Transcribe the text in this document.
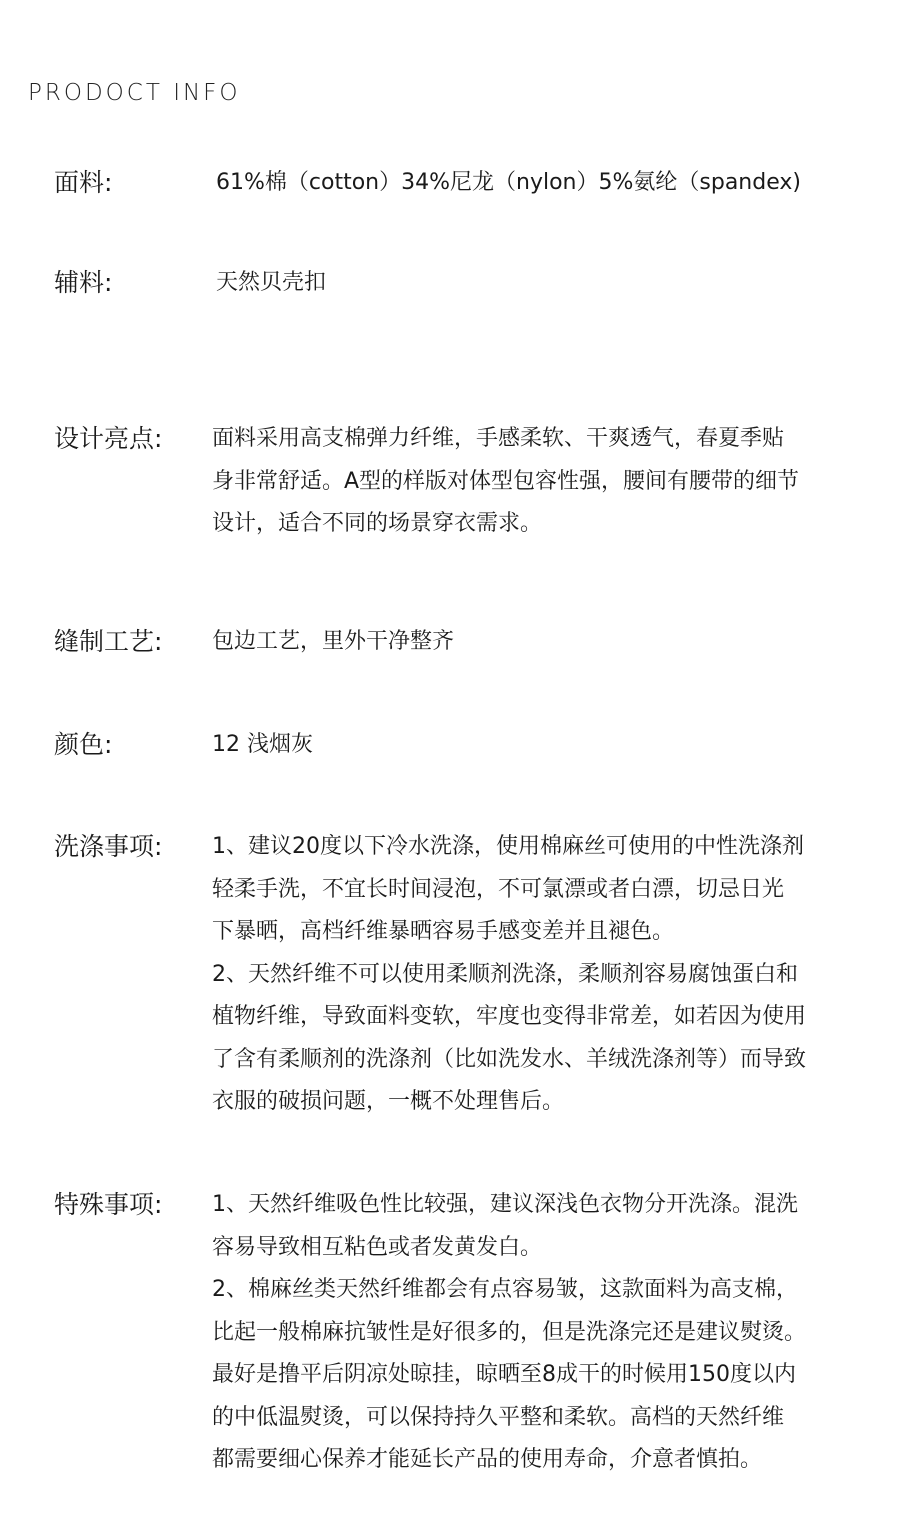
PRODOCT INFO
面料:	61%棉（cotton）34%尼龙（nylon）5%氨纶（spandex)
辅料:	天然贝壳扣
设计亮点: 面料采用高支棉弹力纤维，手感柔软、干爽透气，春夏季贴
身非常舒适。A型的样版对体型包容性强，腰间有腰带的细节
设计，适合不同的场景穿衣需求。
缝制工艺: 包边工艺，里外干净整齐
颜色:	12 浅烟灰
洗涤事项: 1、建议20度以下冷水洗涤，使用棉麻丝可使用的中性洗涤剂
轻柔手洗，不宜长时间浸泡，不可氯漂或者白漂，切忌日光
下暴晒，高档纤维暴晒容易手感变差并且褪色。
2、天然纤维不可以使用柔顺剂洗涤，柔顺剂容易腐蚀蛋白和
植物纤维，导致面料变软，牢度也变得非常差，如若因为使用
了含有柔顺剂的洗涤剂（比如洗发水、羊绒洗涤剂等）而导致
衣服的破损问题，一概不处理售后。
特殊事项: 1、天然纤维吸色性比较强，建议深浅色衣物分开洗涤。混洗
容易导致相互粘色或者发黄发白。
2、棉麻丝类天然纤维都会有点容易皱，这款面料为高支棉，
比起一般棉麻抗皱性是好很多的，但是洗涤完还是建议熨烫。
最好是撸平后阴凉处晾挂，晾晒至8成干的时候用150度以内
的中低温熨烫，可以保持持久平整和柔软。高档的天然纤维
都需要细心保养才能延长产品的使用寿命，介意者慎拍。
